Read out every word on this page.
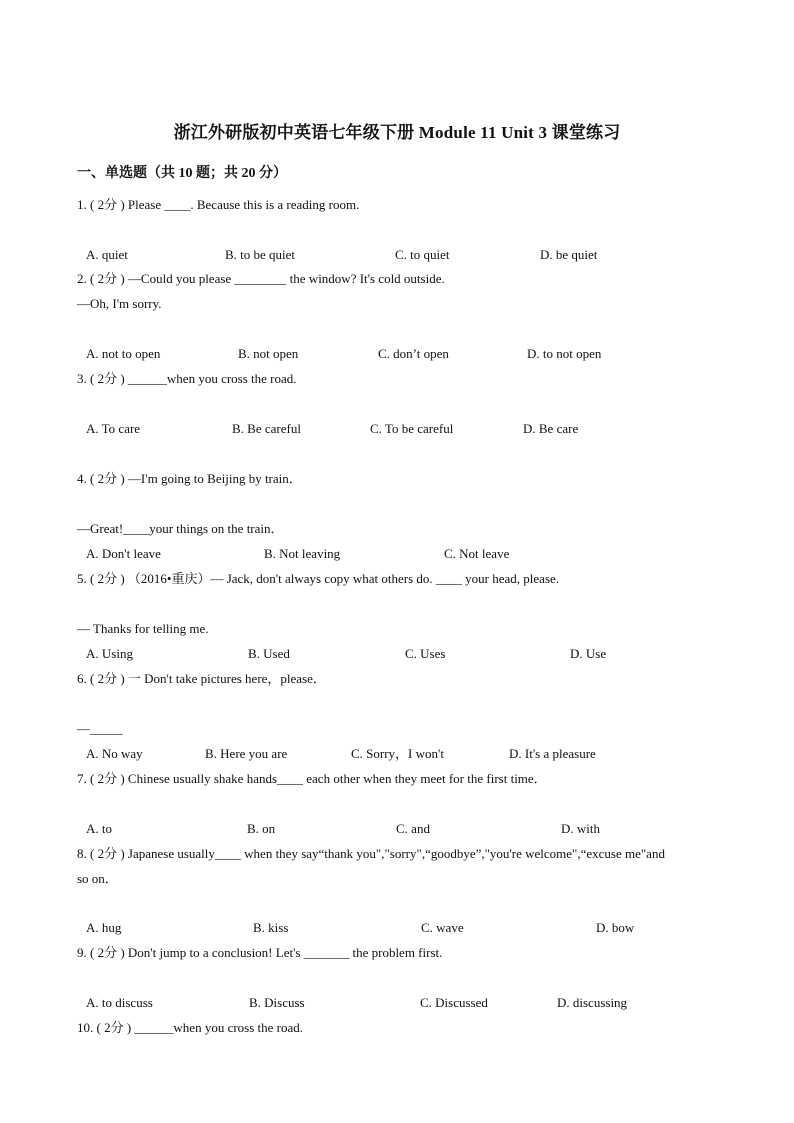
浙江外研版初中英语七年级下册 Module 11 Unit 3 课堂练习
一、单选题（共 10 题；共 20 分）
1. ( 2分 ) Please ____. Because this is a reading room.
A. quiet	B. to be quiet	C. to quiet	D. be quiet
2. ( 2分 ) —Could you please ________ the window? It's cold outside.
—Oh, I'm sorry.
A. not to open	B. not open	C. don’t open	D. to not open
3. ( 2分 ) ______when you cross the road.
A. To care	B. Be careful	C. To be careful	D. Be care
4. ( 2分 ) —I'm going to Beijing by train．
—Great!____your things on the train．
A. Don't leave	B. Not leaving	C. Not leave
5. ( 2分 ) （2016•重庆）— Jack, don't always copy what others do. ____ your head, please.
— Thanks for telling me.
A. Using	B. Used	C. Uses	D. Use
6. ( 2分 ) 一 Don't take pictures here，please．
—_____
A. No way	B. Here you are	C. Sorry，I won't	D. It's a pleasure
7. ( 2分 ) Chinese usually shake hands____ each other when they meet for the first time．
A. to	B. on	C. and	D. with
8. ( 2分 ) Japanese usually____ when they say“thank you","sorry",“goodbye”,"you're welcome",“excuse me"and
so on．
A. hug	B. kiss	C. wave	D. bow
9. ( 2分 ) Don't jump to a conclusion! Let's _______ the problem first.
A. to discuss	B. Discuss	C. Discussed	D. discussing
10. ( 2分 ) ______when you cross the road.
